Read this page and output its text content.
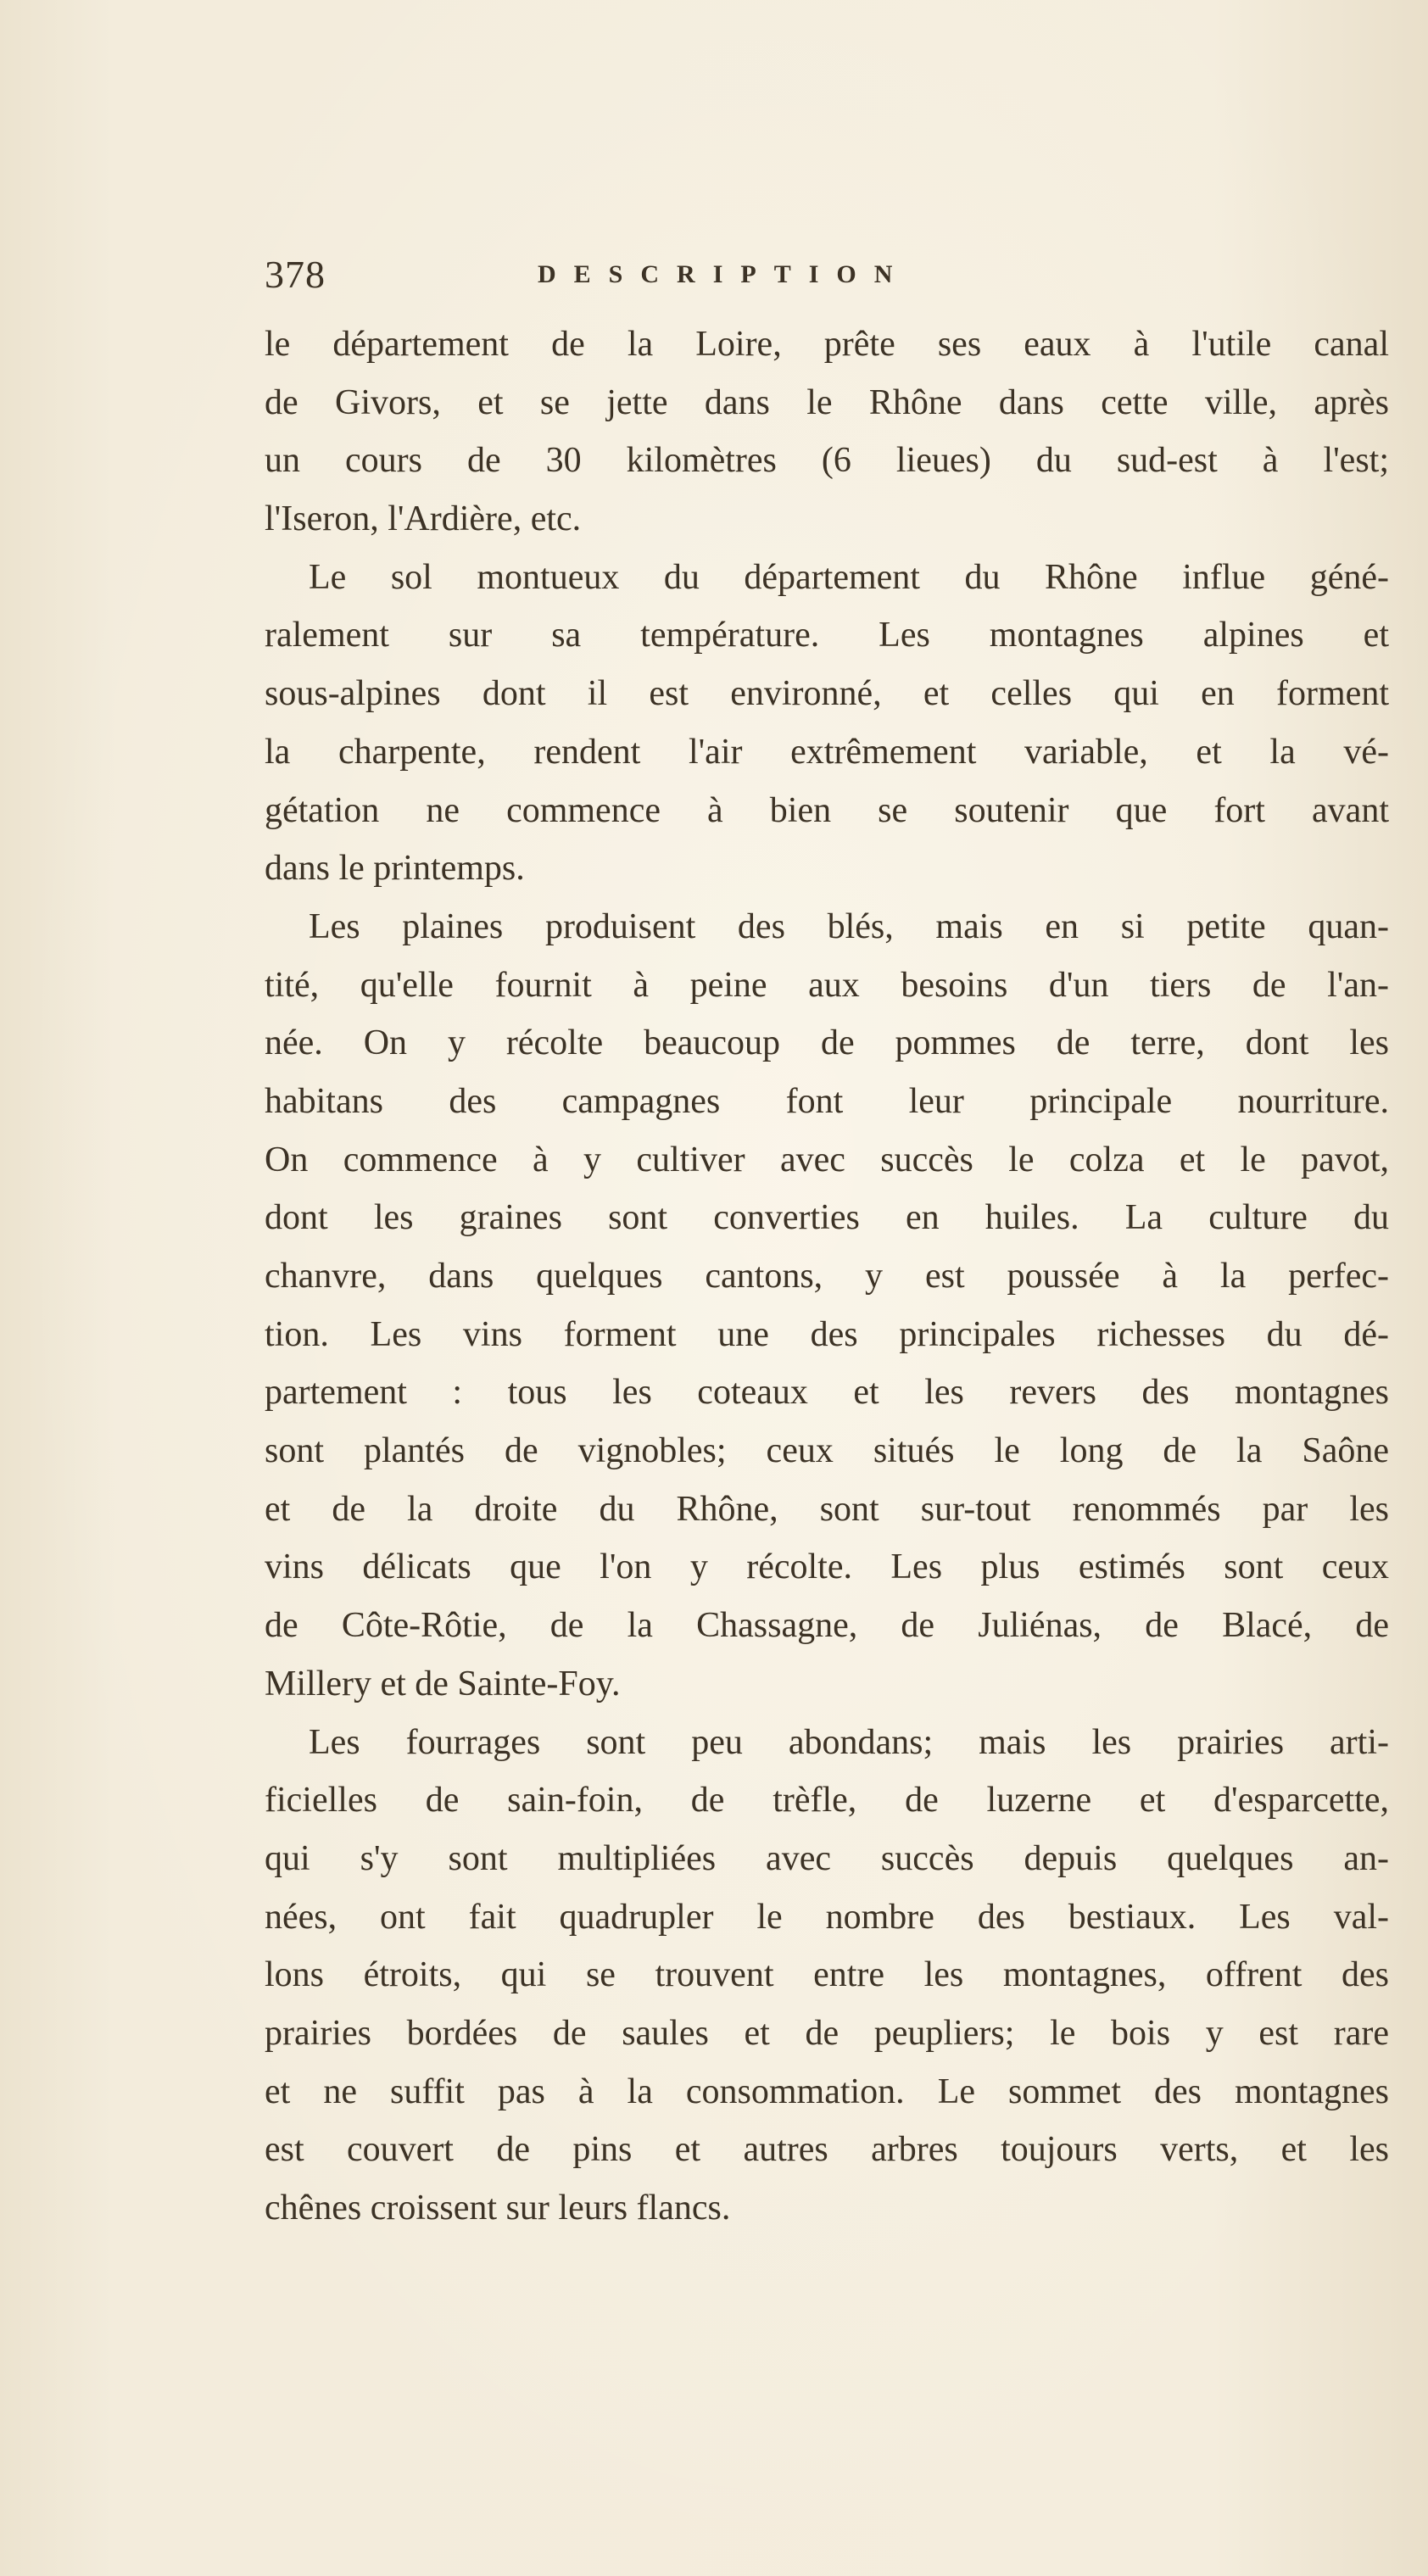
378	DESCRIPTION
le département de la Loire, prête ses eaux à l'utile canal
de Givors, et se jette dans le Rhône dans cette ville, après
un cours de 30 kilomètres (6 lieues) du sud-est à l'est;
l'Iseron, l'Ardière, etc.
Le sol montueux du département du Rhône influe géné-
ralement sur sa température. Les montagnes alpines et
sous-alpines dont il est environné, et celles qui en forment
la charpente, rendent l'air extrêmement variable, et la vé-
gétation ne commence à bien se soutenir que fort avant
dans le printemps.
Les plaines produisent des blés, mais en si petite quan-
tité, qu'elle fournit à peine aux besoins d'un tiers de l'an-
née. On y récolte beaucoup de pommes de terre, dont les
habitans des campagnes font leur principale nourriture.
On commence à y cultiver avec succès le colza et le pavot,
dont les graines sont converties en huiles. La culture du
chanvre, dans quelques cantons, y est poussée à la perfec-
tion. Les vins forment une des principales richesses du dé-
partement : tous les coteaux et les revers des montagnes
sont plantés de vignobles; ceux situés le long de la Saône
et de la droite du Rhône, sont sur-tout renommés par les
vins délicats que l'on y récolte. Les plus estimés sont ceux
de Côte-Rôtie, de la Chassagne, de Juliénas, de Blacé, de
Millery et de Sainte-Foy.
Les fourrages sont peu abondans; mais les prairies arti-
ficielles de sain-foin, de trèfle, de luzerne et d'esparcette,
qui s'y sont multipliées avec succès depuis quelques an-
nées, ont fait quadrupler le nombre des bestiaux. Les val-
lons étroits, qui se trouvent entre les montagnes, offrent des
prairies bordées de saules et de peupliers; le bois y est rare
et ne suffit pas à la consommation. Le sommet des montagnes
est couvert de pins et autres arbres toujours verts, et les
chênes croissent sur leurs flancs.
